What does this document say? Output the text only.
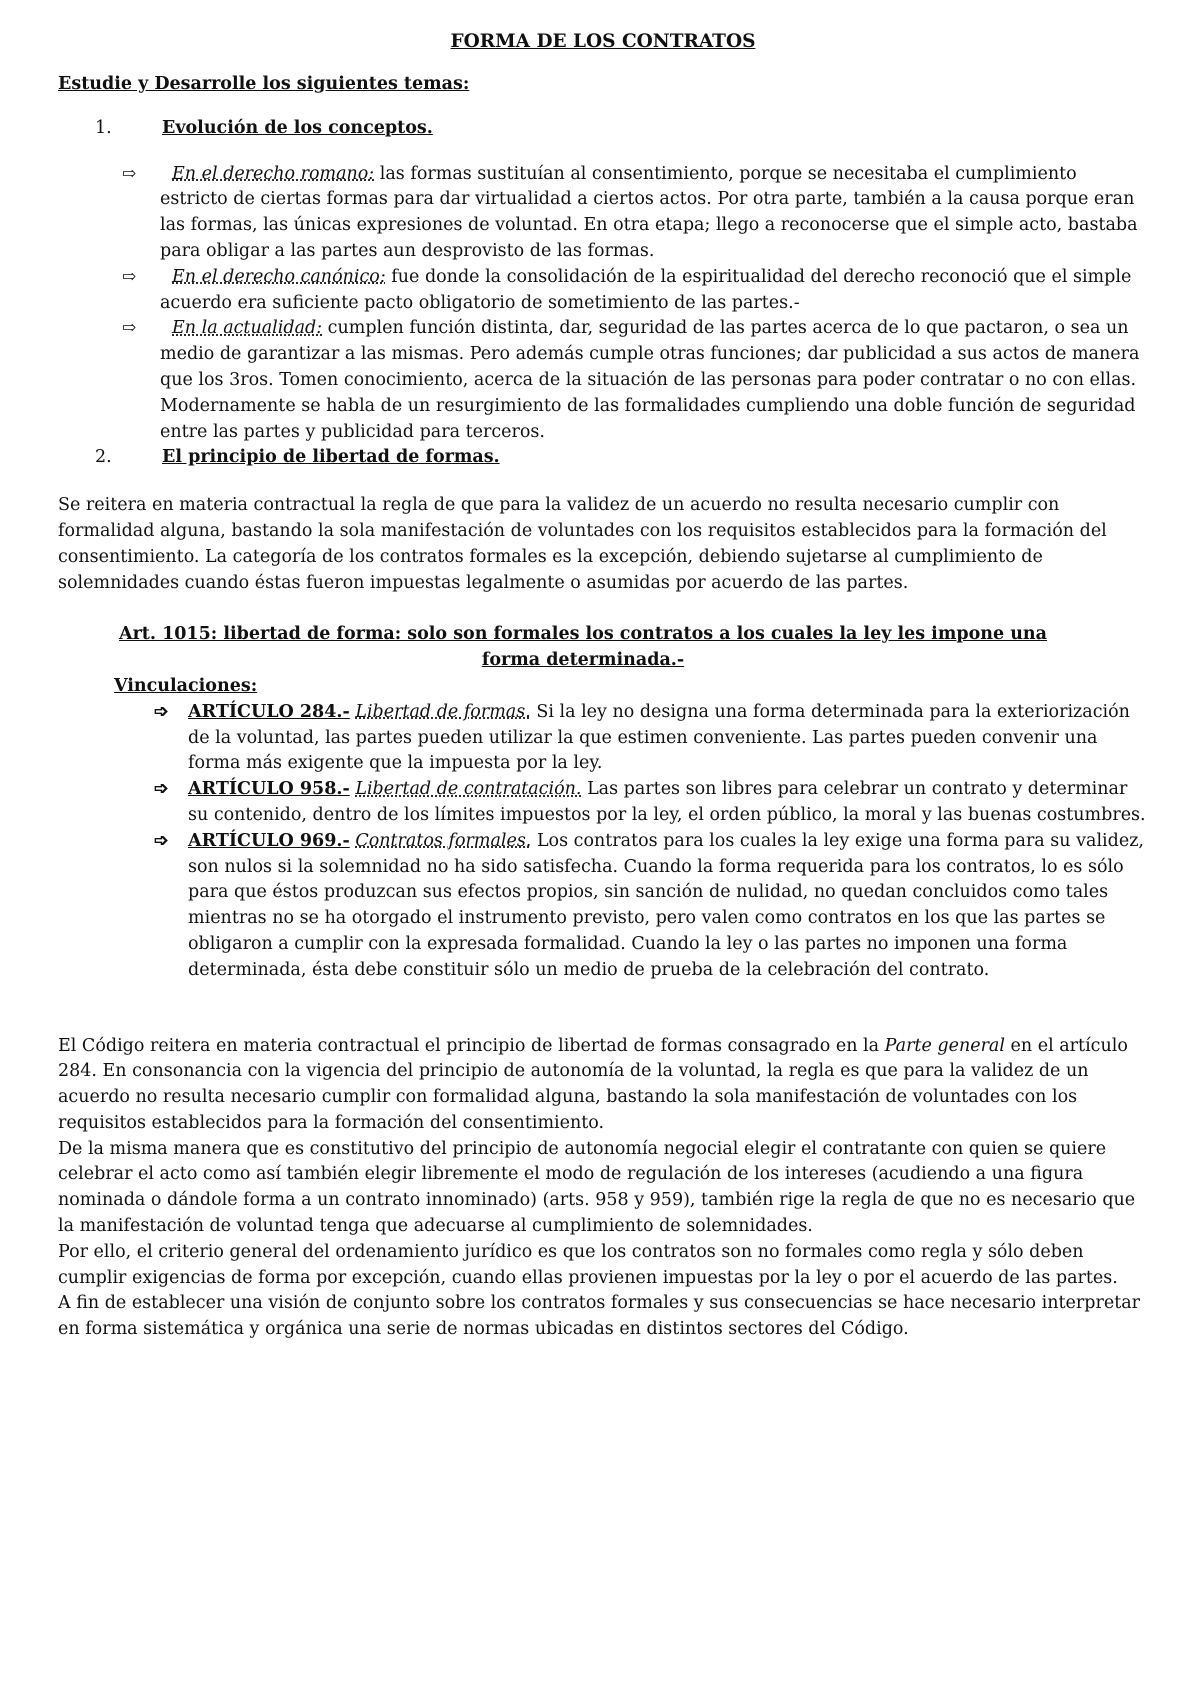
FORMA DE LOS CONTRATOS

Estudie y Desarrolle los siguientes temas:

1.	Evolución de los conceptos.
⇨ En el derecho romano: las formas sustituían al consentimiento, porque se necesitaba el cumplimiento estricto de ciertas formas para dar virtualidad a ciertos actos. Por otra parte, también a la causa porque eran las formas, las únicas expresiones de voluntad. En otra etapa; llego a reconocerse que el simple acto, bastaba para obligar a las partes aun desprovisto de las formas.
⇨ En el derecho canónico: fue donde la consolidación de la espiritualidad del derecho reconoció que el simple acuerdo era suficiente pacto obligatorio de sometimiento de las partes.-
⇨ En la actualidad: cumplen función distinta, dar, seguridad de las partes acerca de lo que pactaron, o sea un medio de garantizar a las mismas. Pero además cumple otras funciones; dar publicidad a sus actos de manera que los 3ros. Tomen conocimiento, acerca de la situación de las personas para poder contratar o no con ellas. Modernamente se habla de un resurgimiento de las formalidades cumpliendo una doble función de seguridad entre las partes y publicidad para terceros.
2.	El principio de libertad de formas.

Se reitera en materia contractual la regla de que para la validez de un acuerdo no resulta necesario cumplir con formalidad alguna, bastando la sola manifestación de voluntades con los requisitos establecidos para la formación del consentimiento. La categoría de los contratos formales es la excepción, debiendo sujetarse al cumplimiento de solemnidades cuando éstas fueron impuestas legalmente o asumidas por acuerdo de las partes.

Art. 1015: libertad de forma: solo son formales los contratos a los cuales la ley les impone una forma determinada.-

Vinculaciones:

➩ ARTÍCULO 284.- Libertad de formas. Si la ley no designa una forma determinada para la exteriorización de la voluntad, las partes pueden utilizar la que estimen conveniente. Las partes pueden convenir una forma más exigente que la impuesta por la ley.
➩ ARTÍCULO 958.- Libertad de contratación. Las partes son libres para celebrar un contrato y determinar su contenido, dentro de los límites impuestos por la ley, el orden público, la moral y las buenas costumbres.
➩ ARTÍCULO 969.- Contratos formales. Los contratos para los cuales la ley exige una forma para su validez, son nulos si la solemnidad no ha sido satisfecha. Cuando la forma requerida para los contratos, lo es sólo para que éstos produzcan sus efectos propios, sin sanción de nulidad, no quedan concluidos como tales mientras no se ha otorgado el instrumento previsto, pero valen como contratos en los que las partes se obligaron a cumplir con la expresada formalidad. Cuando la ley o las partes no imponen una forma determinada, ésta debe constituir sólo un medio de prueba de la celebración del contrato.

El Código reitera en materia contractual el principio de libertad de formas consagrado en la Parte general en el artículo 284. En consonancia con la vigencia del principio de autonomía de la voluntad, la regla es que para la validez de un acuerdo no resulta necesario cumplir con formalidad alguna, bastando la sola manifestación de voluntades con los requisitos establecidos para la formación del consentimiento.

De la misma manera que es constitutivo del principio de autonomía negocial elegir el contratante con quien se quiere celebrar el acto como así también elegir libremente el modo de regulación de los intereses (acudiendo a una figura nominada o dándole forma a un contrato innominado) (arts. 958 y 959), también rige la regla de que no es necesario que la manifestación de voluntad tenga que adecuarse al cumplimiento de solemnidades.

Por ello, el criterio general del ordenamiento jurídico es que los contratos son no formales como regla y sólo deben cumplir exigencias de forma por excepción, cuando ellas provienen impuestas por la ley o por el acuerdo de las partes.

A fin de establecer una visión de conjunto sobre los contratos formales y sus consecuencias se hace necesario interpretar en forma sistemática y orgánica una serie de normas ubicadas en distintos sectores del Código.
